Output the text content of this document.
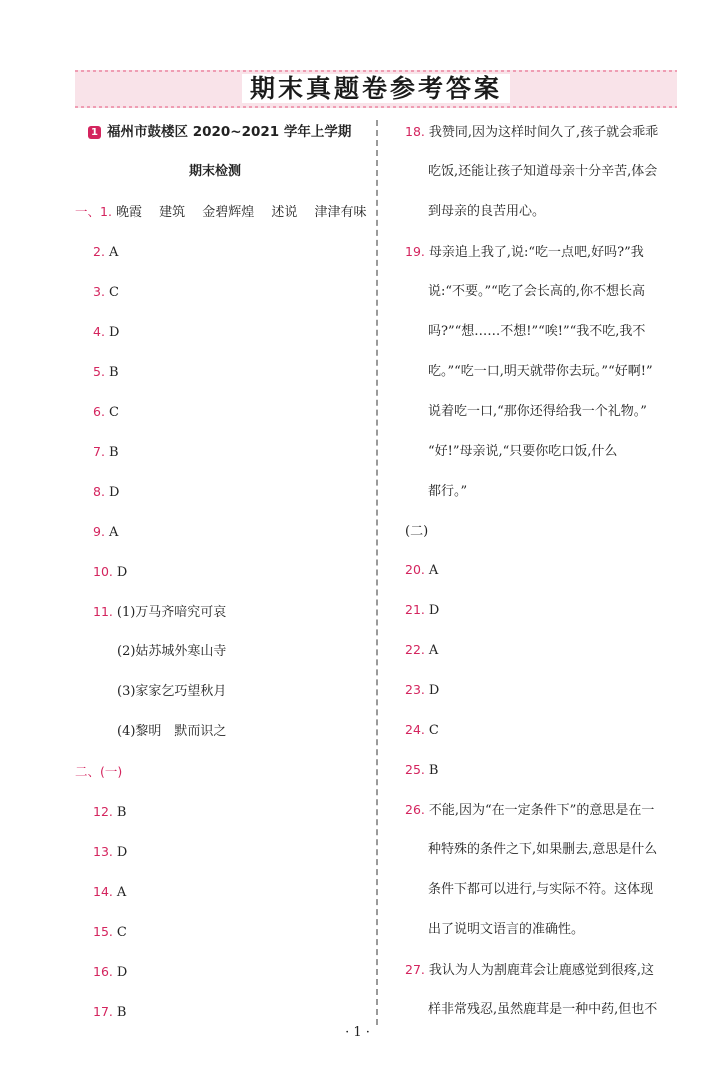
期末真题卷参考答案
1 福州市鼓楼区 2020~2021 学年上学期
期末检测
一、1. 晚霞　 建筑　 金碧辉煌　 述说　 津津有味
2. A
3. C
4. D
5. B
6. C
7. B
8. D
9. A
10. D
11. (1)万马齐喑究可哀
(2)姑苏城外寒山寺
(3)家家乞巧望秋月
(4)黎明　默而识之
二、(一)
12. B
13. D
14. A
15. C
16. D
17. B
18. 我赞同,因为这样时间久了,孩子就会乖乖
吃饭,还能让孩子知道母亲十分辛苦,体会
到母亲的良苦用心。
19. 母亲追上我了,说:“吃一点吧,好吗?”我
说:“不要。”“吃了会长高的,你不想长高
吗?”“想……不想!”“唉!”“我不吃,我不
吃。”“吃一口,明天就带你去玩。”“好啊!”
说着吃一口,“那你还得给我一个礼物。”
“好!”母亲说,“只要你吃口饭,什么
都行。”
(二)
20. A
21. D
22. A
23. D
24. C
25. B
26. 不能,因为“在一定条件下”的意思是在一
种特殊的条件之下,如果删去,意思是什么
条件下都可以进行,与实际不符。这体现
出了说明文语言的准确性。
27. 我认为人为割鹿茸会让鹿感觉到很疼,这
样非常残忍,虽然鹿茸是一种中药,但也不
· 1 ·
